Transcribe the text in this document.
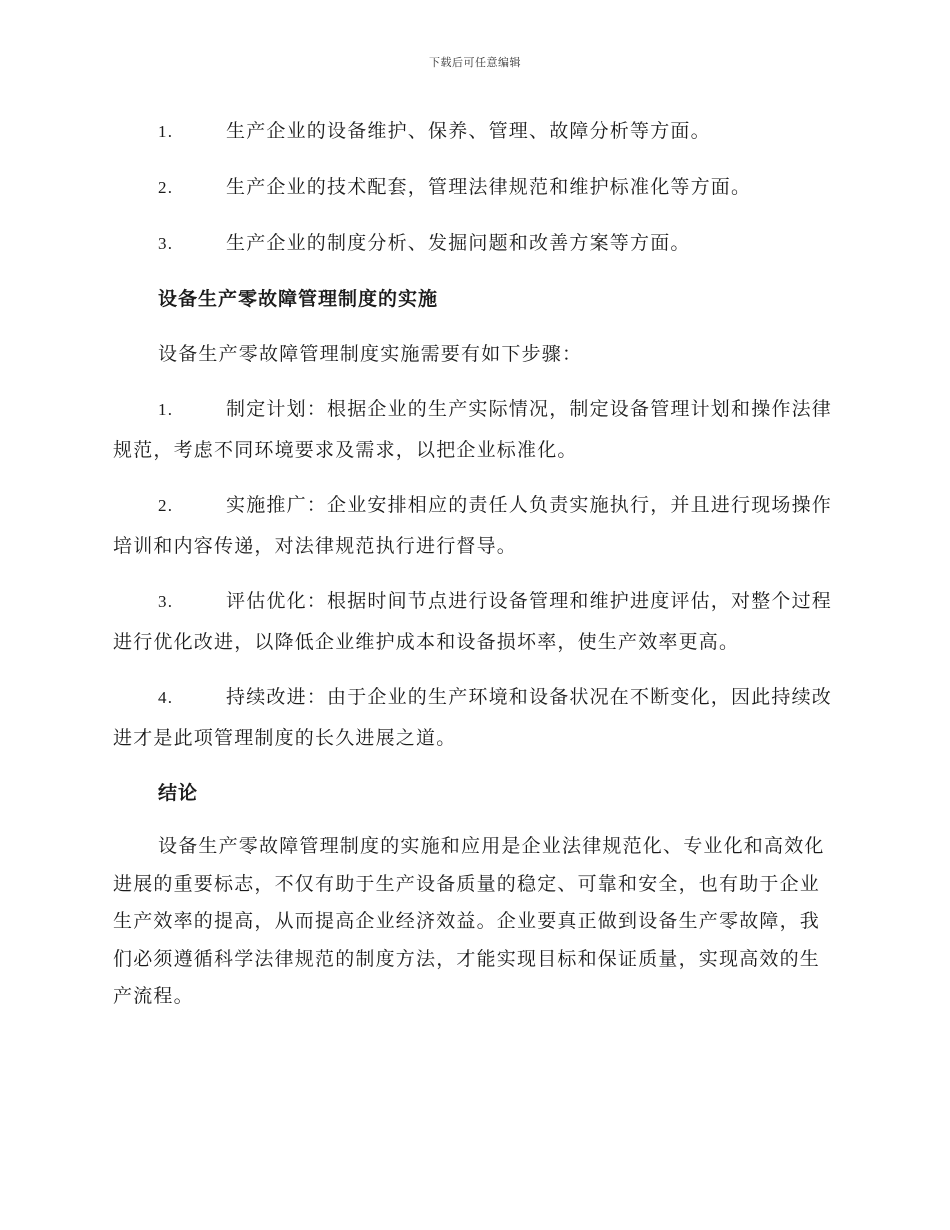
下载后可任意编辑
1.	生产企业的设备维护、保养、管理、故障分析等方面。
2.	生产企业的技术配套，管理法律规范和维护标准化等方面。
3.	生产企业的制度分析、发掘问题和改善方案等方面。
设备生产零故障管理制度的实施
设备生产零故障管理制度实施需要有如下步骤：
1.	制定计划：根据企业的生产实际情况，制定设备管理计划和操作法律规范，考虑不同环境要求及需求，以把企业标准化。
2.	实施推广：企业安排相应的责任人负责实施执行，并且进行现场操作培训和内容传递，对法律规范执行进行督导。
3.	评估优化：根据时间节点进行设备管理和维护进度评估，对整个过程进行优化改进，以降低企业维护成本和设备损坏率，使生产效率更高。
4.	持续改进：由于企业的生产环境和设备状况在不断变化，因此持续改进才是此项管理制度的长久进展之道。
结论
设备生产零故障管理制度的实施和应用是企业法律规范化、专业化和高效化进展的重要标志，不仅有助于生产设备质量的稳定、可靠和安全，也有助于企业生产效率的提高，从而提高企业经济效益。企业要真正做到设备生产零故障，我们必须遵循科学法律规范的制度方法，才能实现目标和保证质量，实现高效的生产流程。
